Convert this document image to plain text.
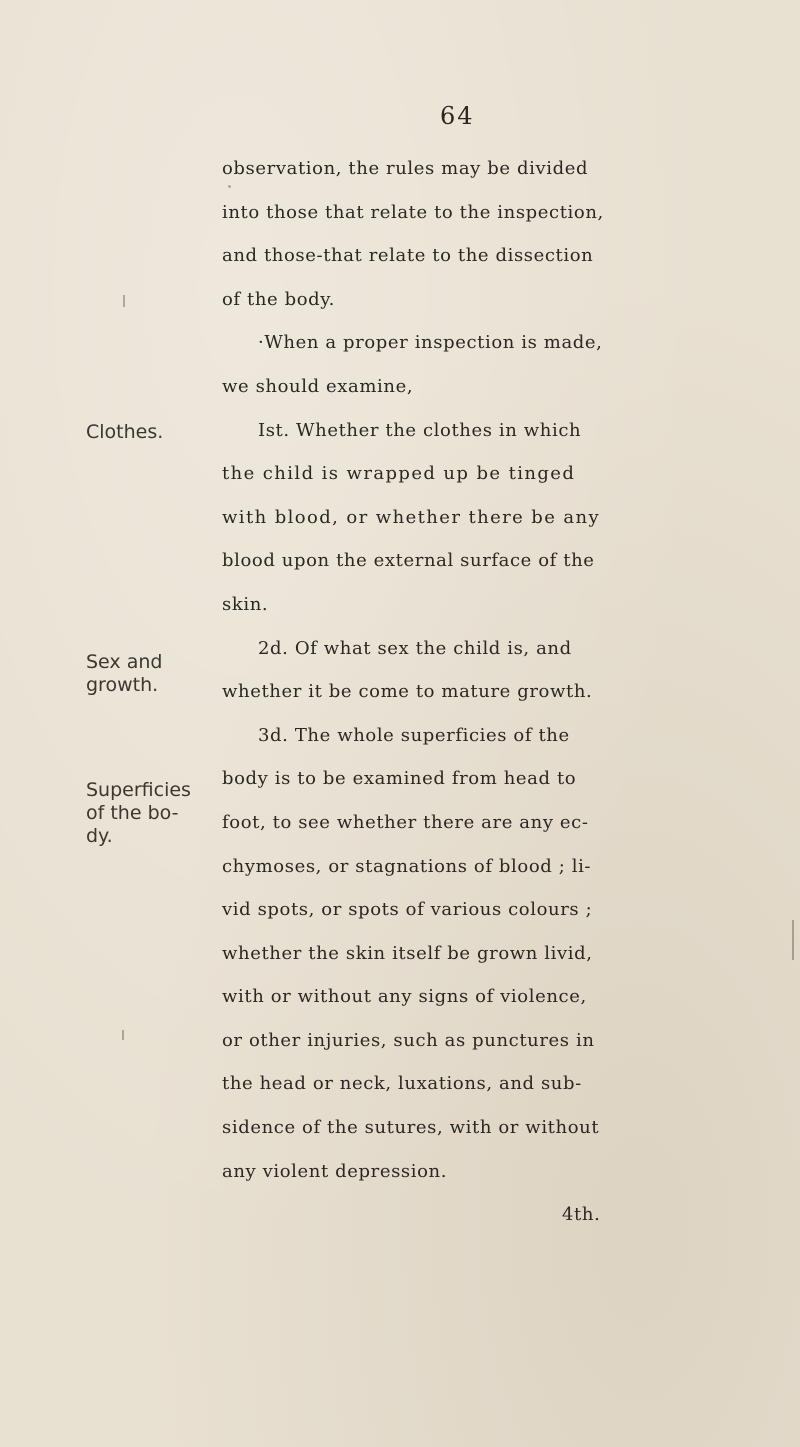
64

Clothes.
Sex and
growth.
Superficies
of the bo-
dy.
observation, the rules may be divided
into those that relate to the inspection,
and those-that relate to the dissection
of the body.
·When a proper inspection is made,
we should examine,
Ist. Whether the clothes in which
the child is wrapped up be tinged
with blood, or whether there be any
blood upon the external surface of the
skin.
2d. Of what sex the child is, and
whether it be come to mature growth.
3d. The whole superficies of the
body is to be examined from head to
foot, to see whether there are any ec-
chymoses, or stagnations of blood ; li-
vid spots, or spots of various colours ;
whether the skin itself be grown livid,
with or without any signs of violence,
or other injuries, such as punctures in
the head or neck, luxations, and sub-
sidence of the sutures, with or without
any violent depression.
4th.
